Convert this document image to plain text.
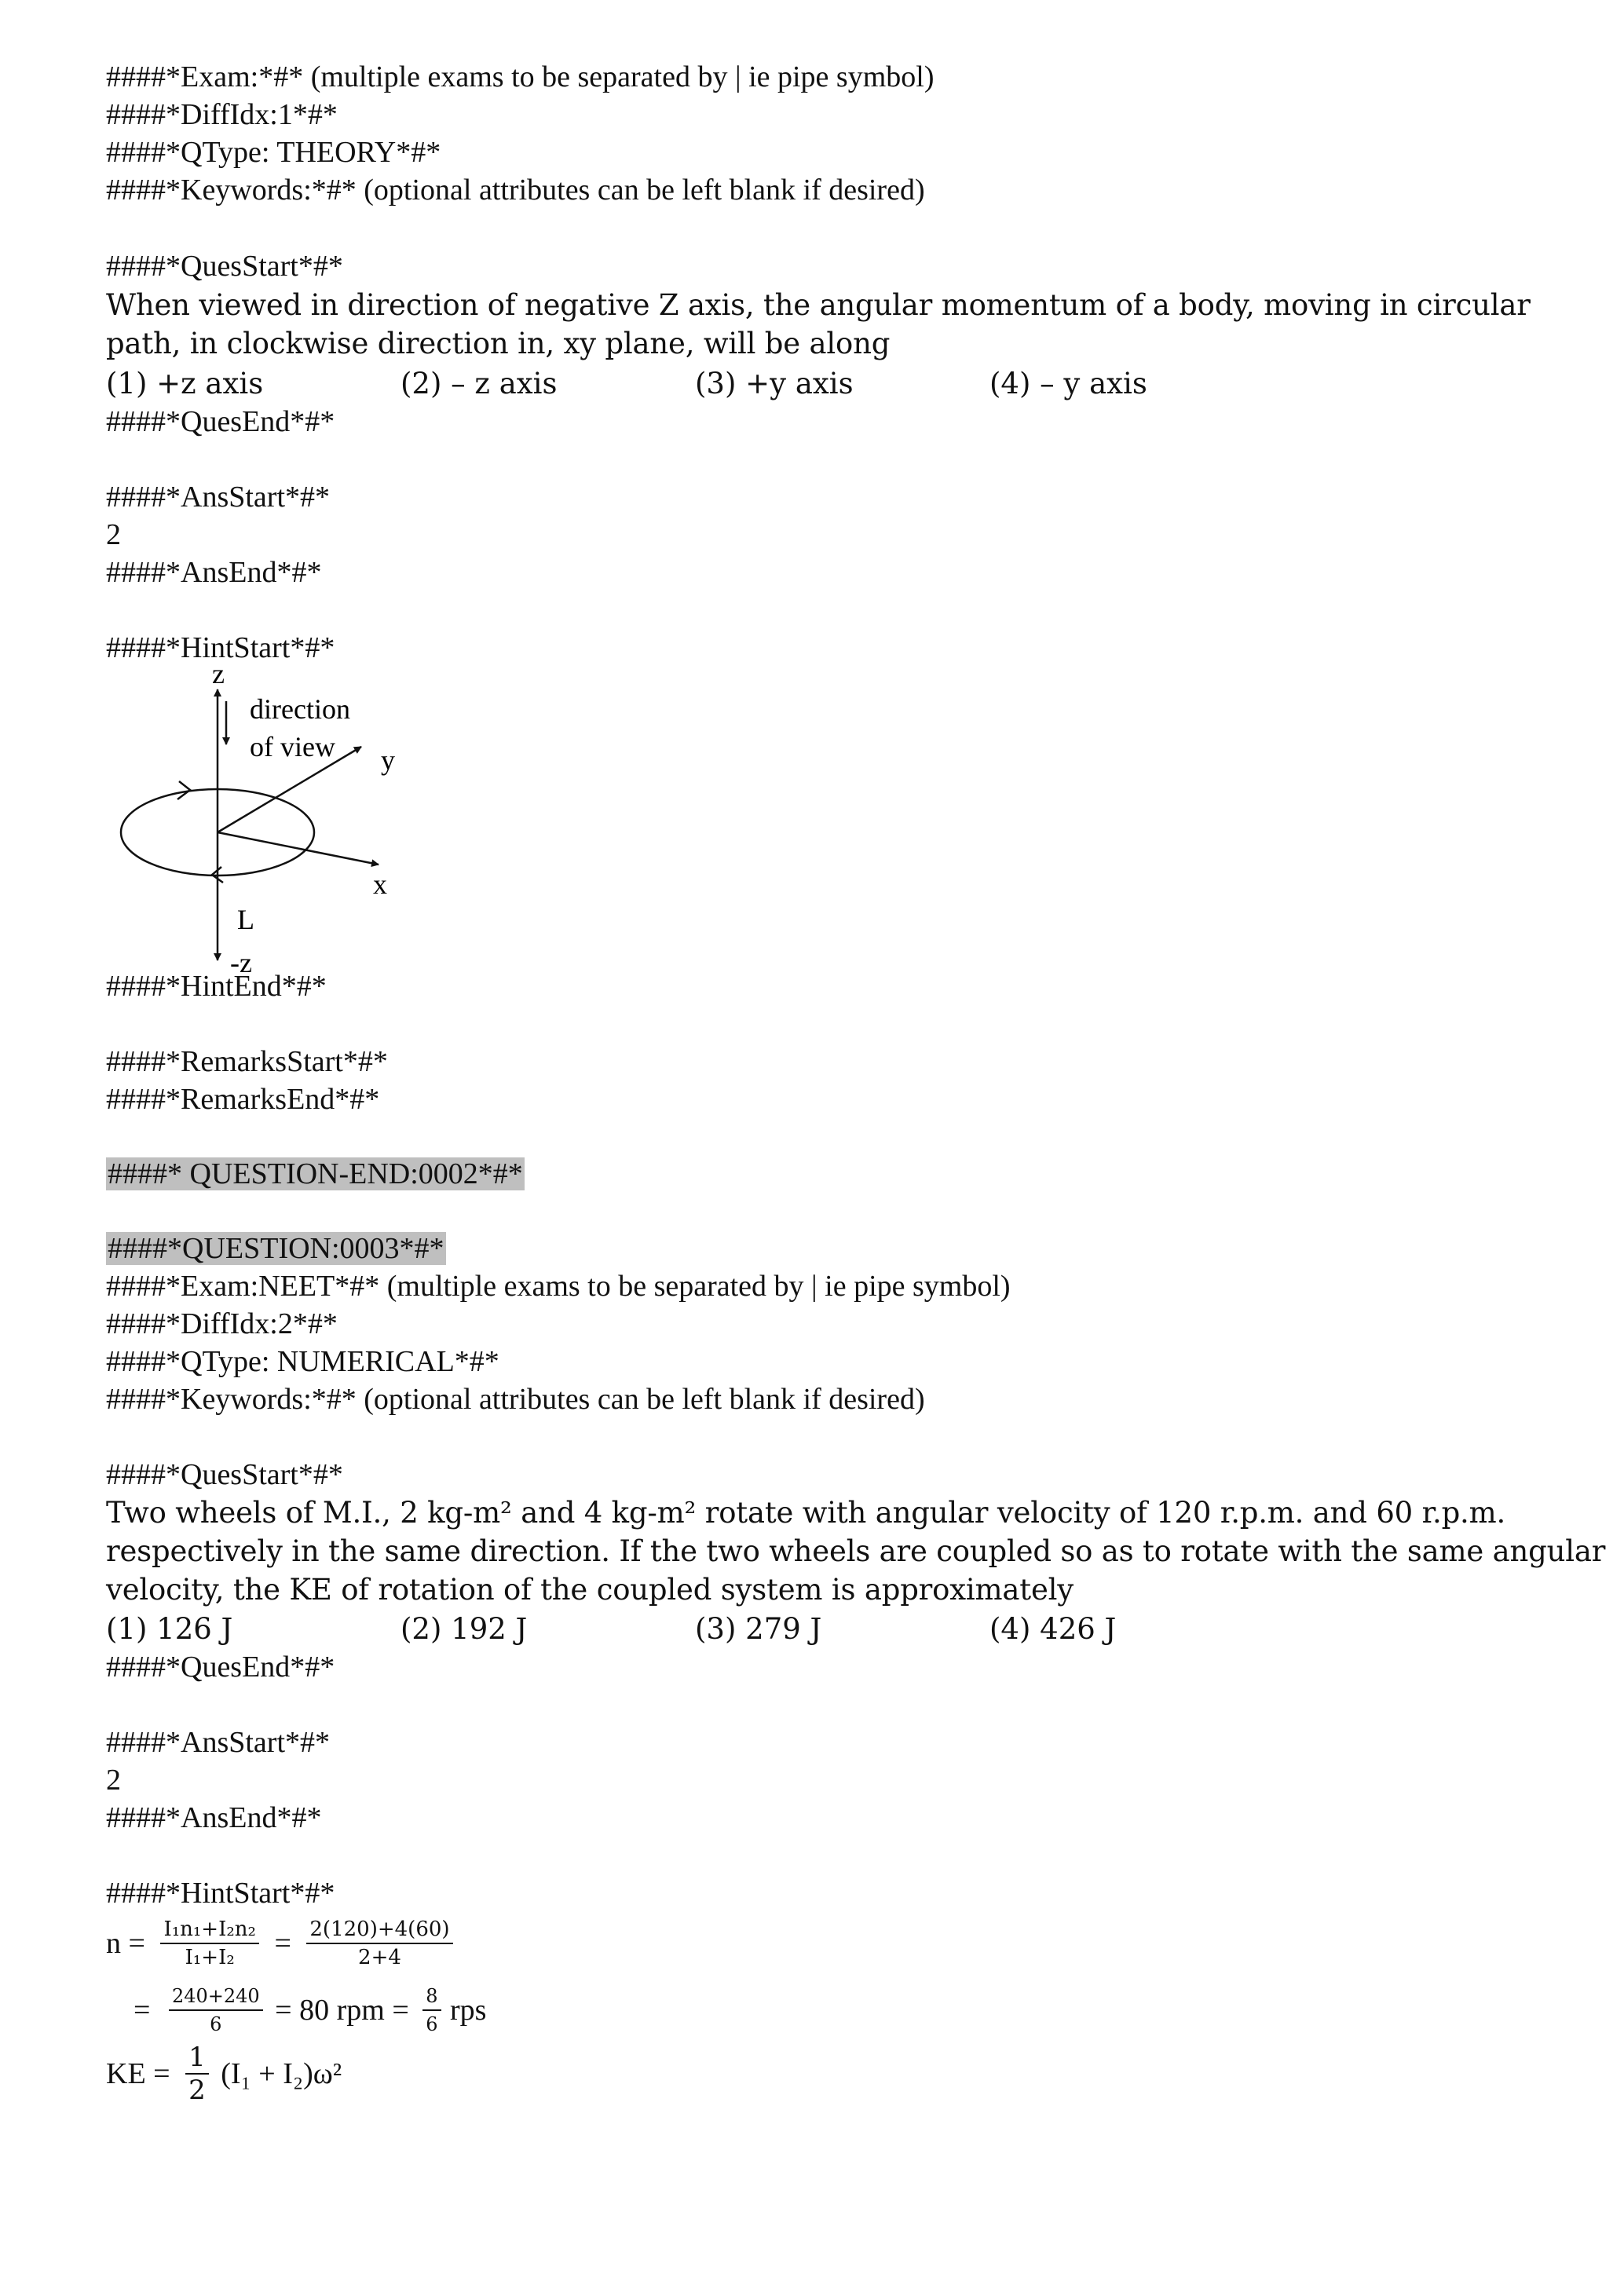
####*Exam:*#* (multiple exams to be separated by | ie pipe symbol)
####*DiffIdx:1*#*
####*QType: THEORY*#*
####*Keywords:*#* (optional attributes can be left blank if desired)
####*QuesStart*#*
When viewed in direction of negative Z axis, the angular momentum of a body, moving in circular
path, in clockwise direction in, xy plane, will be along
(1) +z axis	(2) – z axis	(3) +y axis	(4) – y axis
####*QuesEnd*#*
####*AnsStart*#*
2
####*AnsEnd*#*
####*HintStart*#*
z
direction
of view y
x
L
-z
####*HintEnd*#*
####*RemarksStart*#*
####*RemarksEnd*#*
####* QUESTION-END:0002*#*
####*QUESTION:0003*#*
####*Exam:NEET*#* (multiple exams to be separated by | ie pipe symbol)
####*DiffIdx:2*#*
####*QType: NUMERICAL*#*
####*Keywords:*#* (optional attributes can be left blank if desired)
####*QuesStart*#*
Two wheels of M.I., 2 kg-m² and 4 kg-m² rotate with angular velocity of 120 r.p.m. and 60 r.p.m.
respectively in the same direction. If the two wheels are coupled so as to rotate with the same angular
velocity, the KE of rotation of the coupled system is approximately
(1) 126 J	(2) 192 J	(3) 279 J	(4) 426 J
####*QuesEnd*#*
####*AnsStart*#*
2
####*AnsEnd*#*
####*HintStart*#*
$n = \frac{\text{I₁n₁+I₂n₂}}{\text{I₁+I₂}} = \frac{2(120)+4(60)}{2+4}$
= $\frac{240+240}{6} = 80$ rpm = $\frac{8}{6}$ rps
KE = $\frac{1}{2} (I_1 + I_2)\omega^2$
